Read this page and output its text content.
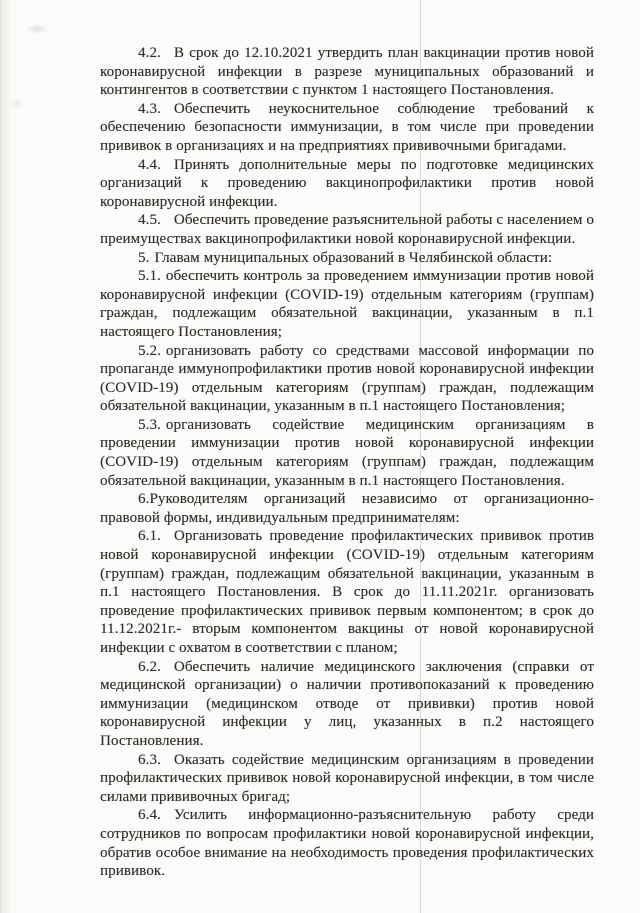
4.2. В срок до 12.10.2021 утвердить план вакцинации против новой коронавирусной инфекции в разрезе муниципальных образований и контингентов в соответствии с пунктом 1 настоящего Постановления.

4.3. Обеспечить неукоснительное соблюдение требований к обеспечению безопасности иммунизации, в том числе при проведении прививок в организациях и на предприятиях прививочными бригадами.

4.4. Принять дополнительные меры по подготовке медицинских организаций к проведению вакцинопрофилактики против новой коронавирусной инфекции.

4.5. Обеспечить проведение разъяснительной работы с населением о преимуществах вакцинопрофилактики новой коронавирусной инфекции.

5. Главам муниципальных образований в Челябинской области:

5.1. обеспечить контроль за проведением иммунизации против новой коронавирусной инфекции (COVID-19) отдельным категориям (группам) граждан, подлежащим обязательной вакцинации, указанным в п.1 настоящего Постановления;

5.2. организовать работу со средствами массовой информации по пропаганде иммунопрофилактики против новой коронавирусной инфекции (COVID-19) отдельным категориям (группам) граждан, подлежащим обязательной вакцинации, указанным в п.1 настоящего Постановления;

5.3. организовать содействие медицинским организациям в проведении иммунизации против новой коронавирусной инфекции (COVID-19) отдельным категориям (группам) граждан, подлежащим обязательной вакцинации, указанным в п.1 настоящего Постановления.

6.Руководителям организаций независимо от организационно-правовой формы, индивидуальным предпринимателям:

6.1. Организовать проведение профилактических прививок против новой коронавирусной инфекции (COVID-19) отдельным категориям (группам) граждан, подлежащим обязательной вакцинации, указанным в п.1 настоящего Постановления. В срок до 11.11.2021г. организовать проведение профилактических прививок первым компонентом; в срок до 11.12.2021г.- вторым компонентом вакцины от новой коронавирусной инфекции с охватом в соответствии с планом;

6.2. Обеспечить наличие медицинского заключения (справки от медицинской организации) о наличии противопоказаний к проведению иммунизации (медицинском отводе от прививки) против новой коронавирусной инфекции у лиц, указанных в п.2 настоящего Постановления.

6.3. Оказать содействие медицинским организациям в проведении профилактических прививок новой коронавирусной инфекции, в том числе силами прививочных бригад;

6.4. Усилить информационно-разъяснительную работу среди сотрудников по вопросам профилактики новой коронавирусной инфекции, обратив особое внимание на необходимость проведения профилактических прививок.
